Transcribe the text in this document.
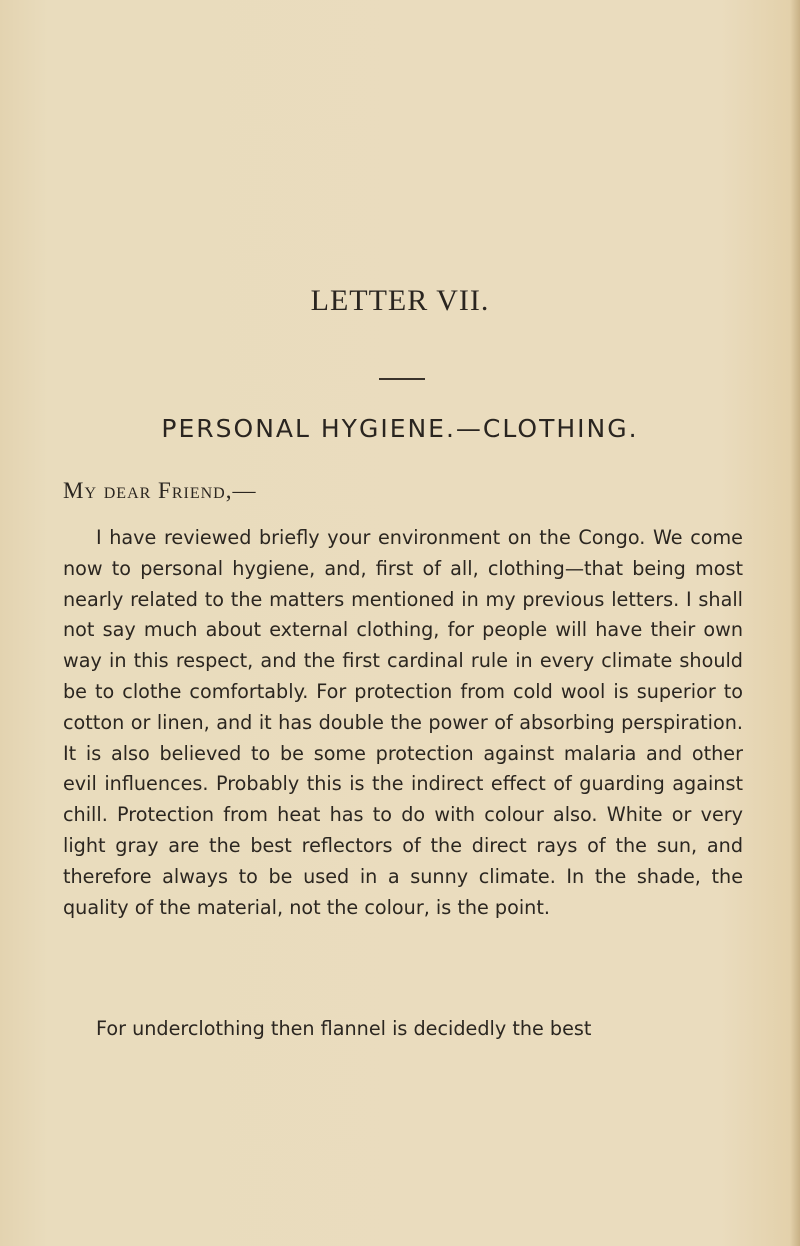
LETTER VII.
PERSONAL HYGIENE.—CLOTHING.

My dear Friend,—

I have reviewed briefly your environment on the Congo. We come now to personal hygiene, and, first of all, clothing—that being most nearly related to the matters mentioned in my previous letters. I shall not say much about external clothing, for people will have their own way in this respect, and the first cardinal rule in every climate should be to clothe comfortably. For protection from cold wool is superior to cotton or linen, and it has double the power of absorbing perspiration. It is also believed to be some protection against malaria and other evil influences. Probably this is the indirect effect of guarding against chill. Protection from heat has to do with colour also. White or very light gray are the best reflectors of the direct rays of the sun, and therefore always to be used in a sunny climate. In the shade, the quality of the material, not the colour, is the point.

For underclothing then flannel is decidedly the best
